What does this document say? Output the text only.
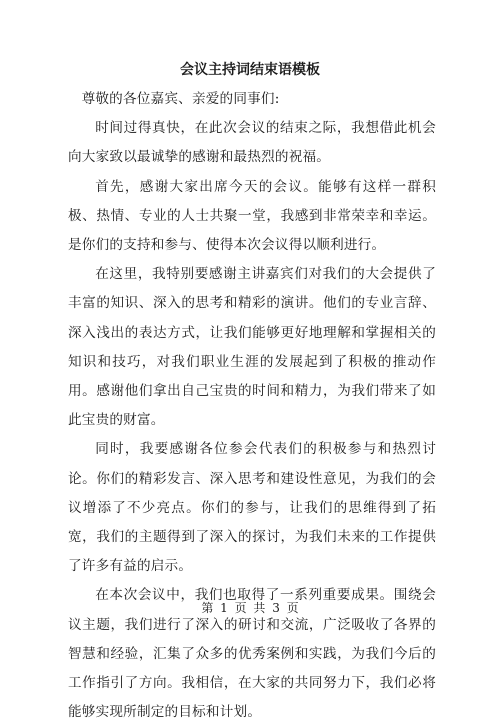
会议主持词结束语模板

尊敬的各位嘉宾、亲爱的同事们:

时间过得真快，在此次会议的结束之际，我想借此机会向大家致以最诚挚的感谢和最热烈的祝福。

首先，感谢大家出席今天的会议。能够有这样一群积极、热情、专业的人士共聚一堂，我感到非常荣幸和幸运。是你们的支持和参与、使得本次会议得以顺利进行。

在这里，我特别要感谢主讲嘉宾们对我们的大会提供了丰富的知识、深入的思考和精彩的演讲。他们的专业言辞、深入浅出的表达方式，让我们能够更好地理解和掌握相关的知识和技巧，对我们职业生涯的发展起到了积极的推动作用。感谢他们拿出自己宝贵的时间和精力，为我们带来了如此宝贵的财富。

同时，我要感谢各位参会代表们的积极参与和热烈讨论。你们的精彩发言、深入思考和建设性意见，为我们的会议增添了不少亮点。你们的参与，让我们的思维得到了拓宽，我们的主题得到了深入的探讨，为我们未来的工作提供了许多有益的启示。

在本次会议中，我们也取得了一系列重要成果。围绕会议主题，我们进行了深入的研讨和交流，广泛吸收了各界的智慧和经验，汇集了众多的优秀案例和实践，为我们今后的工作指引了方向。我相信，在大家的共同努力下，我们必将能够实现所制定的目标和计划。

第 1 页 共 3 页
